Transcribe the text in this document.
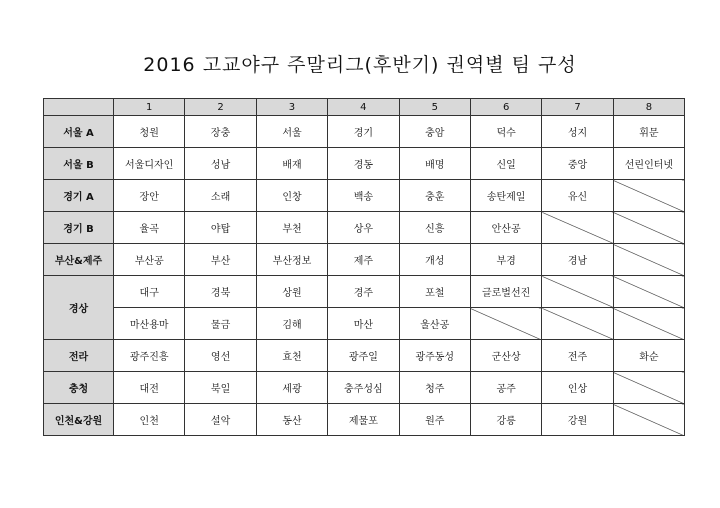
2016 고교야구 주말리그(후반기) 권역별 팀 구성
	1	2	3	4	5	6	7	8
서울 A	청원	장충	서울	경기	충암	덕수	성지	휘문
서울 B	서울디자인	성남	배재	경동	배명	신일	중앙	선린인터넷
경기 A	장안	소래	인창	백송	충훈	송탄제일	유신	
경기 B	율곡	야탑	부천	상우	신흥	안산공		
부산&제주	부산공	부산	부산정보	제주	개성	부경	경남	
경상	대구	경북	상원	경주	포철	글로벌선진		
	마산용마	물금	김해	마산	울산공			
전라	광주진흥	영선	효천	광주일	광주동성	군산상	전주	화순
충청	대전	북일	세광	충주성심	청주	공주	인상	
인천&강원	인천	설악	동산	제물포	원주	강릉	강원	
